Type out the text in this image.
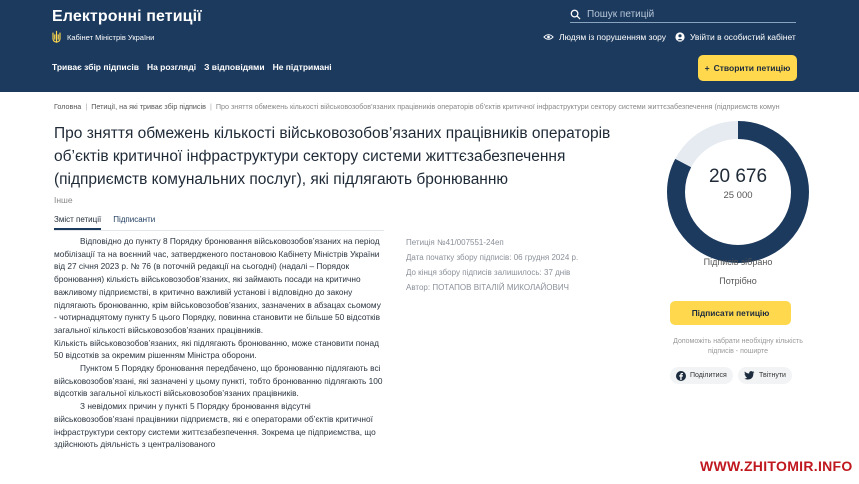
Електронні петиції
Кабінет Міністрів України
Пошук петицій
Людям із порушенням зору	Увійти в особистий кабінет
Триває збір підписів На розгляді З відповідями Не підтримані	+ Створити петицію
Головна | Петиції, на які триває збір підписів | Про зняття обмежень кількості військовозобов'язаних працівників операторів об'єктів критичної інфраструктури сектору системи життєзабезпечення (підприємств комун
Про зняття обмежень кількості військовозобов’язаних працівників операторів об’єктів критичної інфраструктури сектору системи життєзабезпечення (підприємств комунальних послуг), які підлягають бронюванню
Інше
Зміст петиції Підписанти

Відповідно до пункту 8 Порядку бронювання військовозобов’язаних на період мобілізації та на воєнний час, затвердженого постановою Кабінету Міністрів України від 27 січня 2023 р. № 76 (в поточній редакції на сьогодні) (надалі – Порядок бронювання) кількість військовозобов’язаних, які займають посади на критично важливому підприємстві, в критично важливій установі і відповідно до закону підлягають бронюванню, крім військовозобов’язаних, зазначених в абзацах сьомому - чотирнадцятому пункту 5 цього Порядку, повинна становити не більше 50 відсотків загальної кількості військовозобов’язаних працівників.

Кількість військовозобов’язаних, які підлягають бронюванню, може становити понад 50 відсотків за окремим рішенням Міністра оборони.

Пунктом 5 Порядку бронювання передбачено, що бронюванню підлягають всі військовозобов’язані, які зазначені у цьому пункті, тобто бронюванню підлягають 100 відсотків загальної кількості військовозобов’язаних працівників.

З невідомих причин у пункті 5 Порядку бронювання відсутні військовозобов’язані працівники підприємств, які є операторами об’єктів критичної інфраструктури сектору системи життєзабезпечення. Зокрема це підприємства, що здійснюють діяльність з централізованого

Петиція №41/007551-24еп
Дата початку збору підписів: 06 грудня 2024 р.
До кінця збору підписів залишилось: 37 днів
Автор: ПОТАПОВ ВІТАЛІЙ МИКОЛАЙОВИЧ
20 676
25 000
Підписів зібрано
Потрібно
Підписати петицію
Допоможіть набрати необхідну кількість підписів - поширте
Поділитися	Твітнути
WWW.ZHITOMIR.INFO
